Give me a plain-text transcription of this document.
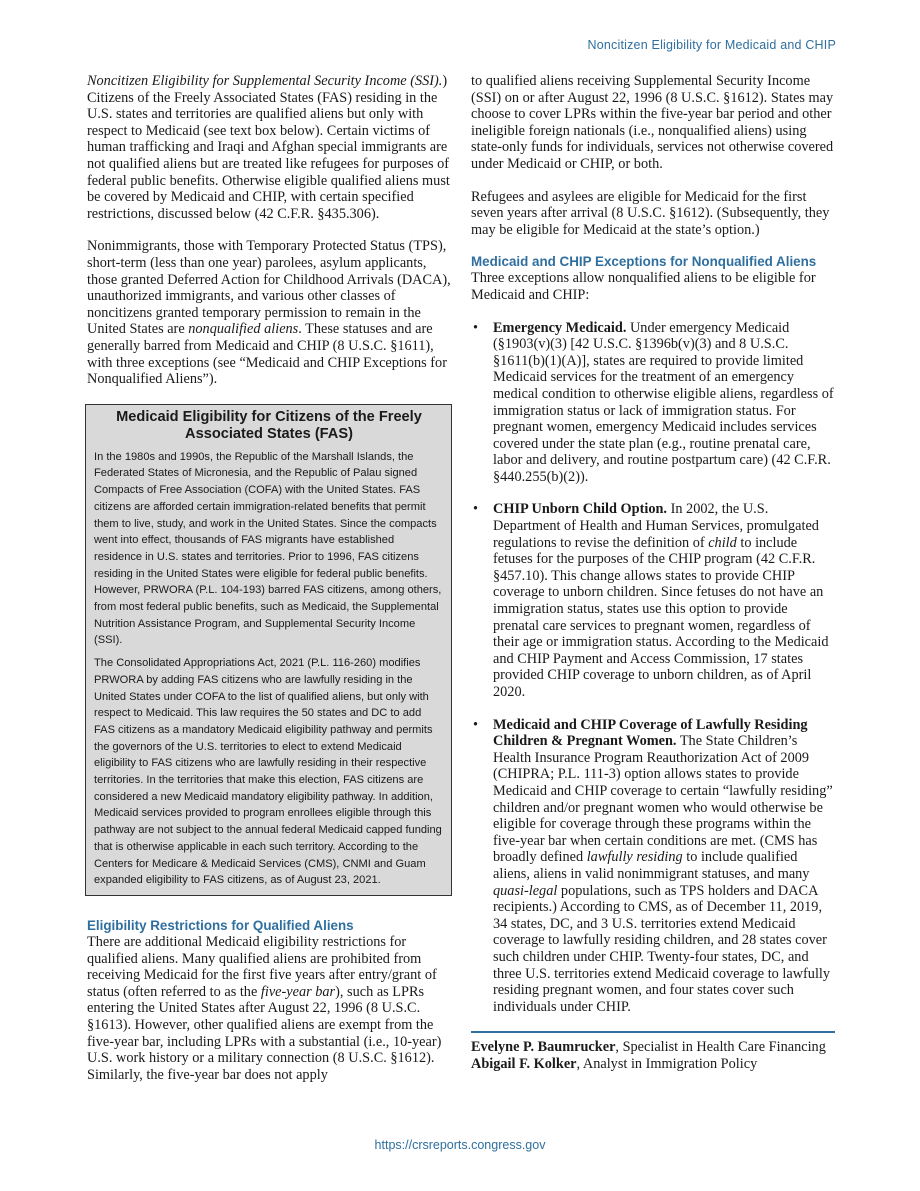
Noncitizen Eligibility for Medicaid and CHIP

Noncitizen Eligibility for Supplemental Security Income (SSI).) Citizens of the Freely Associated States (FAS) residing in the U.S. states and territories are qualified aliens but only with respect to Medicaid (see text box below). Certain victims of human trafficking and Iraqi and Afghan special immigrants are not qualified aliens but are treated like refugees for purposes of federal public benefits. Otherwise eligible qualified aliens must be covered by Medicaid and CHIP, with certain specified restrictions, discussed below (42 C.F.R. §435.306).

Nonimmigrants, those with Temporary Protected Status (TPS), short-term (less than one year) parolees, asylum applicants, those granted Deferred Action for Childhood Arrivals (DACA), unauthorized immigrants, and various other classes of noncitizens granted temporary permission to remain in the United States are nonqualified aliens. These statuses and are generally barred from Medicaid and CHIP (8 U.S.C. §1611), with three exceptions (see “Medicaid and CHIP Exceptions for Nonqualified Aliens”).

Medicaid Eligibility for Citizens of the Freely Associated States (FAS)

In the 1980s and 1990s, the Republic of the Marshall Islands, the Federated States of Micronesia, and the Republic of Palau signed Compacts of Free Association (COFA) with the United States. FAS citizens are afforded certain immigration-related benefits that permit them to live, study, and work in the United States. Since the compacts went into effect, thousands of FAS migrants have established residence in U.S. states and territories. Prior to 1996, FAS citizens residing in the United States were eligible for federal public benefits. However, PRWORA (P.L. 104-193) barred FAS citizens, among others, from most federal public benefits, such as Medicaid, the Supplemental Nutrition Assistance Program, and Supplemental Security Income (SSI).

The Consolidated Appropriations Act, 2021 (P.L. 116-260) modifies PRWORA by adding FAS citizens who are lawfully residing in the United States under COFA to the list of qualified aliens, but only with respect to Medicaid. This law requires the 50 states and DC to add FAS citizens as a mandatory Medicaid eligibility pathway and permits the governors of the U.S. territories to elect to extend Medicaid eligibility to FAS citizens who are lawfully residing in their respective territories. In the territories that make this election, FAS citizens are considered a new Medicaid mandatory eligibility pathway. In addition, Medicaid services provided to program enrollees eligible through this pathway are not subject to the annual federal Medicaid capped funding that is otherwise applicable in each such territory. According to the Centers for Medicare & Medicaid Services (CMS), CNMI and Guam expanded eligibility to FAS citizens, as of August 23, 2021.

Eligibility Restrictions for Qualified Aliens

There are additional Medicaid eligibility restrictions for qualified aliens. Many qualified aliens are prohibited from receiving Medicaid for the first five years after entry/grant of status (often referred to as the five-year bar), such as LPRs entering the United States after August 22, 1996 (8 U.S.C. §1613). However, other qualified aliens are exempt from the five-year bar, including LPRs with a substantial (i.e., 10-year) U.S. work history or a military connection (8 U.S.C. §1612). Similarly, the five-year bar does not apply

to qualified aliens receiving Supplemental Security Income (SSI) on or after August 22, 1996 (8 U.S.C. §1612). States may choose to cover LPRs within the five-year bar period and other ineligible foreign nationals (i.e., nonqualified aliens) using state-only funds for individuals, services not otherwise covered under Medicaid or CHIP, or both.

Refugees and asylees are eligible for Medicaid for the first seven years after arrival (8 U.S.C. §1612). (Subsequently, they may be eligible for Medicaid at the state’s option.)

Medicaid and CHIP Exceptions for Nonqualified Aliens

Three exceptions allow nonqualified aliens to be eligible for Medicaid and CHIP:

• Emergency Medicaid. Under emergency Medicaid (§1903(v)(3) [42 U.S.C. §1396b(v)(3) and 8 U.S.C. §1611(b)(1)(A)], states are required to provide limited Medicaid services for the treatment of an emergency medical condition to otherwise eligible aliens, regardless of immigration status or lack of immigration status. For pregnant women, emergency Medicaid includes services covered under the state plan (e.g., routine prenatal care, labor and delivery, and routine postpartum care) (42 C.F.R. §440.255(b)(2)).
• CHIP Unborn Child Option. In 2002, the U.S. Department of Health and Human Services, promulgated regulations to revise the definition of child to include fetuses for the purposes of the CHIP program (42 C.F.R. §457.10). This change allows states to provide CHIP coverage to unborn children. Since fetuses do not have an immigration status, states use this option to provide prenatal care services to pregnant women, regardless of their age or immigration status. According to the Medicaid and CHIP Payment and Access Commission, 17 states provided CHIP coverage to unborn children, as of April 2020.
• Medicaid and CHIP Coverage of Lawfully Residing Children & Pregnant Women. The State Children’s Health Insurance Program Reauthorization Act of 2009 (CHIPRA; P.L. 111-3) option allows states to provide Medicaid and CHIP coverage to certain “lawfully residing” children and/or pregnant women who would otherwise be eligible for coverage through these programs within the five-year bar when certain conditions are met. (CMS has broadly defined lawfully residing to include qualified aliens, aliens in valid nonimmigrant statuses, and many quasi-legal populations, such as TPS holders and DACA recipients.) According to CMS, as of December 11, 2019, 34 states, DC, and 3 U.S. territories extend Medicaid coverage to lawfully residing children, and 28 states cover such children under CHIP. Twenty-four states, DC, and three U.S. territories extend Medicaid coverage to lawfully residing pregnant women, and four states cover such individuals under CHIP.

Evelyne P. Baumrucker, Specialist in Health Care Financing

Abigail F. Kolker, Analyst in Immigration Policy

https://crsreports.congress.gov
